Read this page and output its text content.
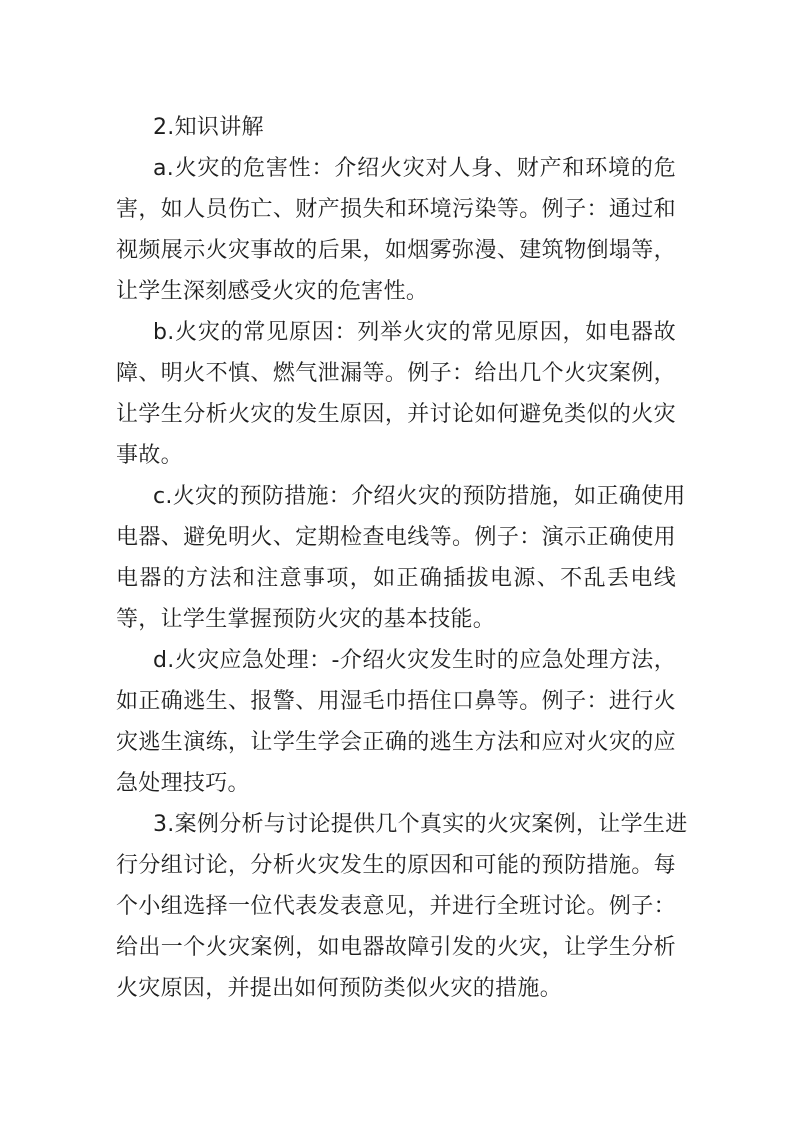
2.知识讲解
a.火灾的危害性：介绍火灾对人身、财产和环境的危
害，如人员伤亡、财产损失和环境污染等。例子：通过和
视频展示火灾事故的后果，如烟雾弥漫、建筑物倒塌等，
让学生深刻感受火灾的危害性。
b.火灾的常见原因：列举火灾的常见原因，如电器故
障、明火不慎、燃气泄漏等。例子：给出几个火灾案例，
让学生分析火灾的发生原因，并讨论如何避免类似的火灾
事故。
c.火灾的预防措施：介绍火灾的预防措施，如正确使用
电器、避免明火、定期检查电线等。例子：演示正确使用
电器的方法和注意事项，如正确插拔电源、不乱丢电线
等，让学生掌握预防火灾的基本技能。
d.火灾应急处理：-介绍火灾发生时的应急处理方法，
如正确逃生、报警、用湿毛巾捂住口鼻等。例子：进行火
灾逃生演练，让学生学会正确的逃生方法和应对火灾的应
急处理技巧。
3.案例分析与讨论提供几个真实的火灾案例，让学生进
行分组讨论，分析火灾发生的原因和可能的预防措施。每
个小组选择一位代表发表意见，并进行全班讨论。例子：
给出一个火灾案例，如电器故障引发的火灾，让学生分析
火灾原因，并提出如何预防类似火灾的措施。
